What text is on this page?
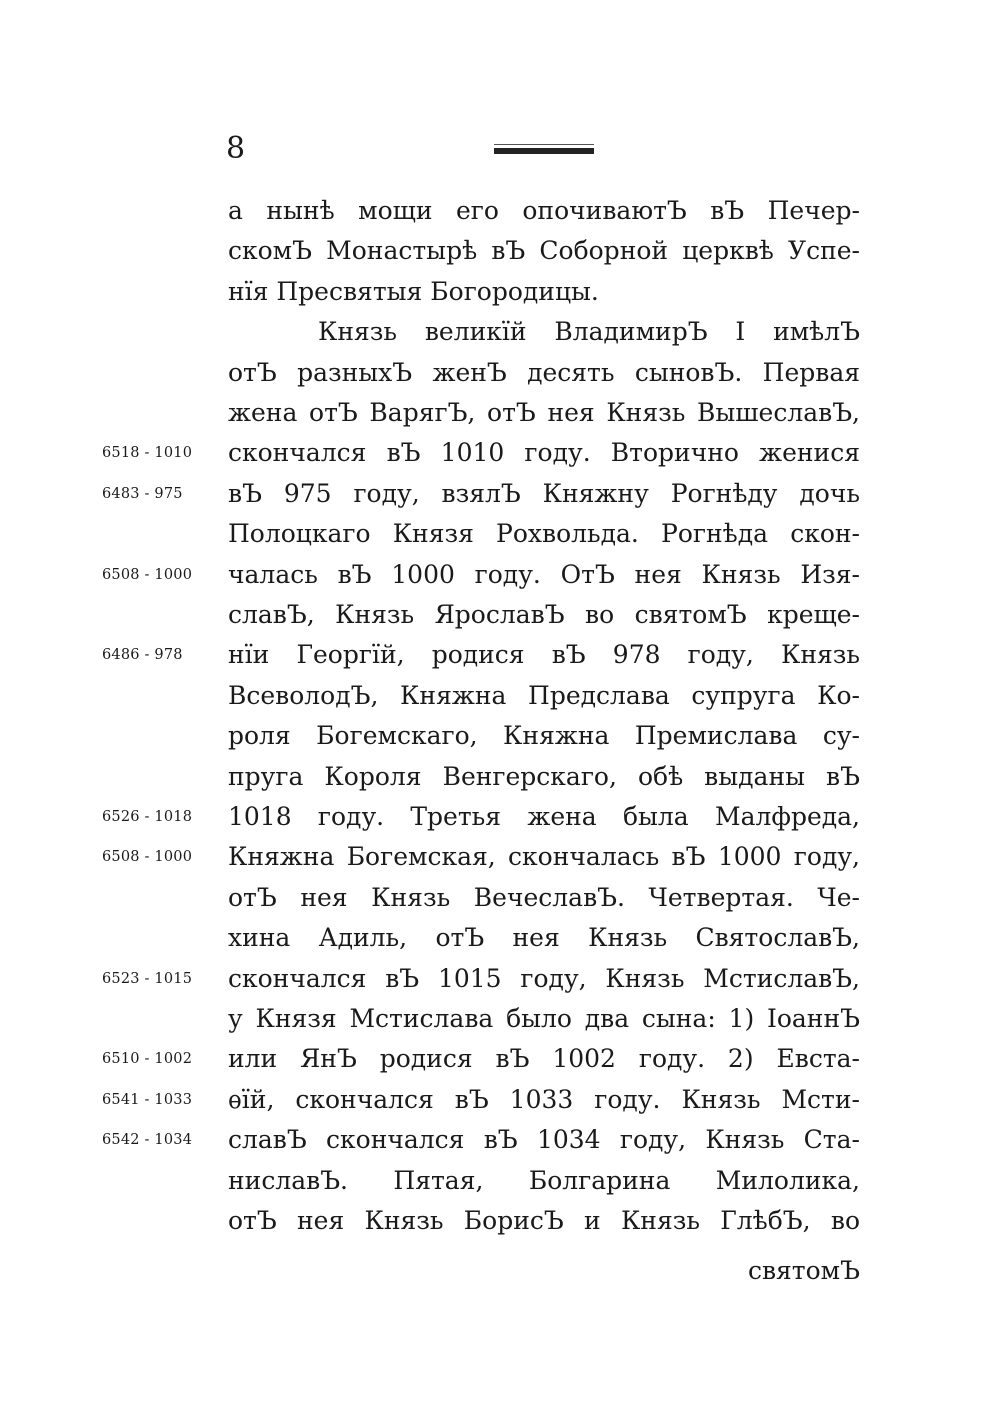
8
а нынѣ мощи его опочиваютЪ вЪ Печер-
скомЪ Монастырѣ вЪ Соборной церквѣ Успе-
нїя Пресвятыя Богородицы.
Князь великїй ВладимирЪ I имѣлЪ
отЪ разныхЪ женЪ десять сыновЪ. Первая
жена отЪ ВарягЪ, отЪ нея Князь ВышеславЪ,
скончался вЪ 1010 году. Вторично женися
вЪ 975 году, взялЪ Княжну Рогнѣду дочь
Полоцкаго Князя Рохвольда. Рогнѣда скон-
чалась вЪ 1000 году. ОтЪ нея Князь Изя-
славЪ, Князь ЯрославЪ во святомЪ креще-
нїи Георгїй, родися вЪ 978 году, Князь
ВсеволодЪ, Княжна Предслава супруга Ко-
роля Богемскаго, Княжна Премислава су-
пруга Короля Венгерскаго, обѣ выданы вЪ
1018 году. Третья жена была Малфреда,
Княжна Богемская, скончалась вЪ 1000 году,
отЪ нея Князь ВечеславЪ. Четвертая. Че-
хина Адиль, отЪ нея Князь СвятославЪ,
скончался вЪ 1015 году, Князь МстиславЪ,
у Князя Мстислава было два сына: 1) ІоаннЪ
или ЯнЪ родися вЪ 1002 году. 2) Евста-
ѳїй, скончался вЪ 1033 году. Князь Мсти-
славЪ скончался вЪ 1034 году, Князь Ста-
ниславЪ. Пятая, Болгарина Милолика,
отЪ нея Князь БорисЪ и Князь ГлѣбЪ, во
6518 - 1010
6483 - 975
6508 - 1000
6486 - 978
6526 - 1018
6508 - 1000
6523 - 1015
6510 - 1002
6541 - 1033
6542 - 1034
святомЪ
